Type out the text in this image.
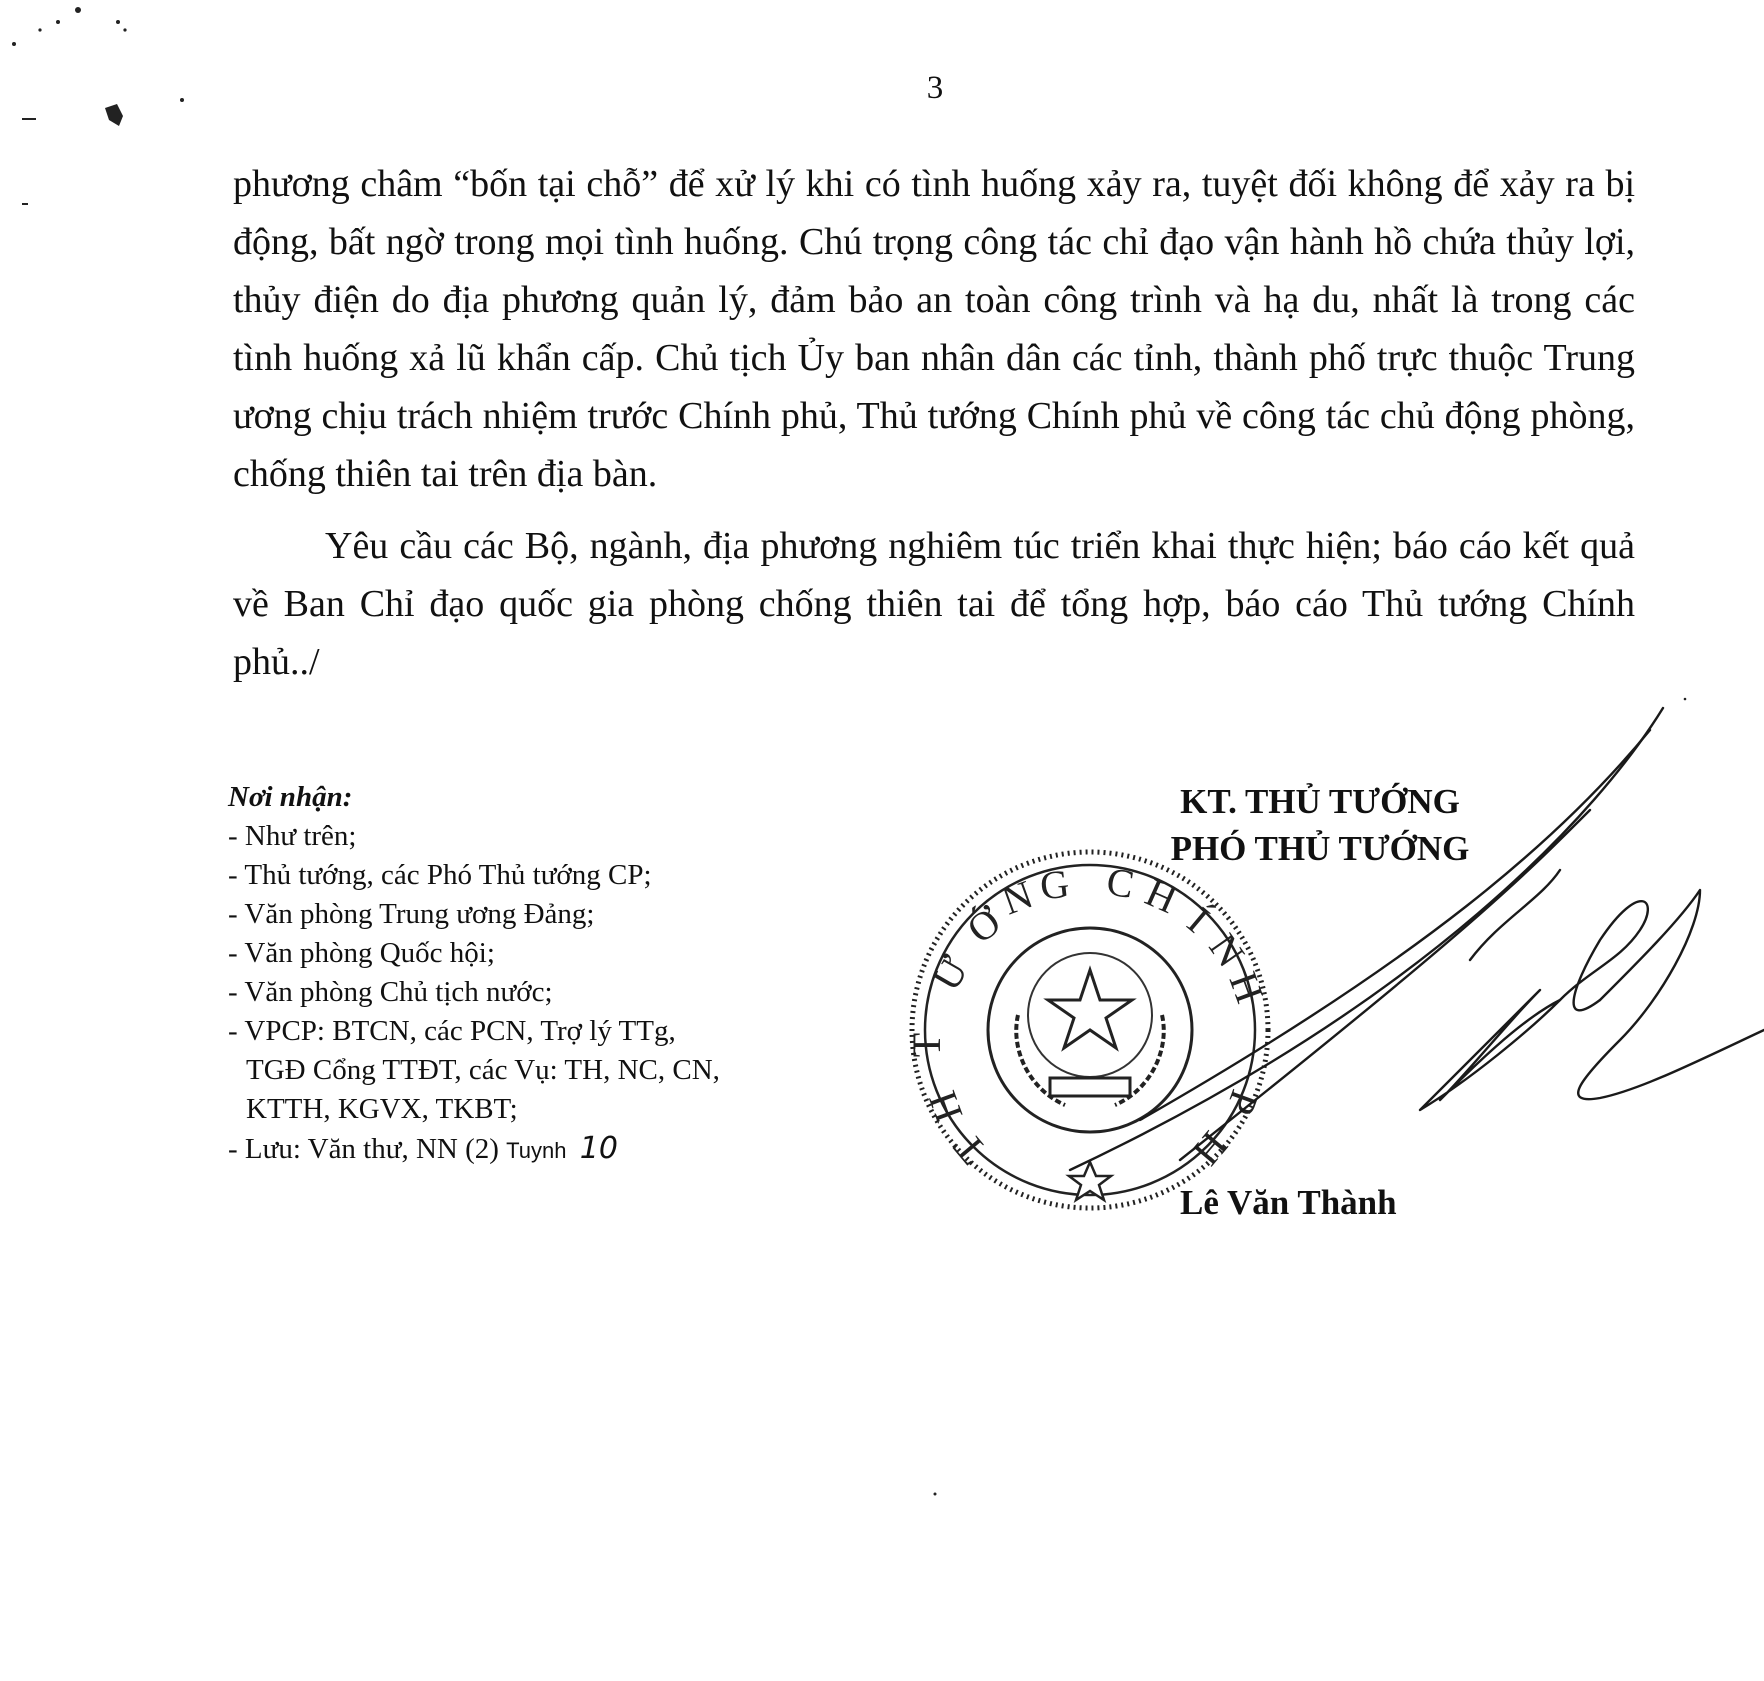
3

phương châm “bốn tại chỗ” để xử lý khi có tình huống xảy ra, tuyệt đối không để xảy ra bị động, bất ngờ trong mọi tình huống. Chú trọng công tác chỉ đạo vận hành hồ chứa thủy lợi, thủy điện do địa phương quản lý, đảm bảo an toàn công trình và hạ du, nhất là trong các tình huống xả lũ khẩn cấp. Chủ tịch Ủy ban nhân dân các tỉnh, thành phố trực thuộc Trung ương chịu trách nhiệm trước Chính phủ, Thủ tướng Chính phủ về công tác chủ động phòng, chống thiên tai trên địa bàn.

Yêu cầu các Bộ, ngành, địa phương nghiêm túc triển khai thực hiện; báo cáo kết quả về Ban Chỉ đạo quốc gia phòng chống thiên tai để tổng hợp, báo cáo Thủ tướng Chính phủ../

Nơi nhận:
- Như trên;
- Thủ tướng, các Phó Thủ tướng CP;
- Văn phòng Trung ương Đảng;
- Văn phòng Quốc hội;
- Văn phòng Chủ tịch nước;
- VPCP: BTCN, các PCN, Trợ lý TTg,
TGĐ Cổng TTĐT, các Vụ: TH, NC, CN,
KTTH, KGVX, TKBT;
- Lưu: Văn thư, NN (2) Tuynh 10
KT. THỦ TƯỚNG
PHÓ THỦ TƯỚNG
T
Ư
Ớ
N G C H
Í
N
H
P
H
T
H
Lê Văn Thành
